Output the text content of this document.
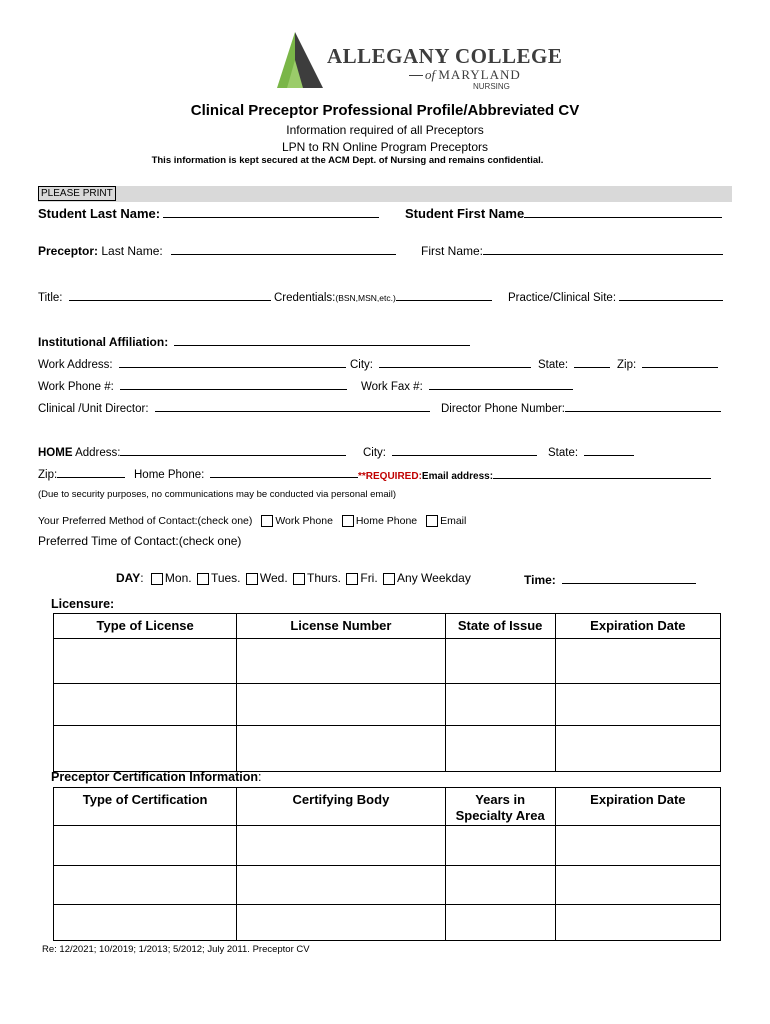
ALLEGANY COLLEGE
of MARYLAND
NURSING
Clinical Preceptor Professional Profile/Abbreviated CV
Information required of all Preceptors
LPN to RN Online Program Preceptors
This information is kept secured at the ACM Dept. of Nursing and remains confidential.
PLEASE PRINT
Student Last Name:	Student First Name
Preceptor: Last Name:	First Name:
Title:	Credentials:(BSN,MSN,etc.)	Practice/Clinical Site:
Institutional Affiliation:
Work Address:	City:	State:	Zip:
Work Phone #:	Work Fax #:
Clinical /Unit Director:	Director Phone Number:
HOME Address:	City:	State:
Zip:	Home Phone:	**REQUIRED:Email address:
(Due to security purposes, no communications may be conducted via personal email)
Your Preferred Method of Contact:(check one) Work Phone Home Phone Email
Preferred Time of Contact:(check one)
DAY: Mon. Tues. Wed. Thurs. Fri. Any Weekday	Time:
Licensure:
Type of License	License Number	State of Issue	Expiration Date

Preceptor Certification Information:
Type of Certification	Certifying Body	Years in Specialty Area	Expiration Date

Re: 12/2021; 10/2019; 1/2013; 5/2012; July 2011. Preceptor CV
